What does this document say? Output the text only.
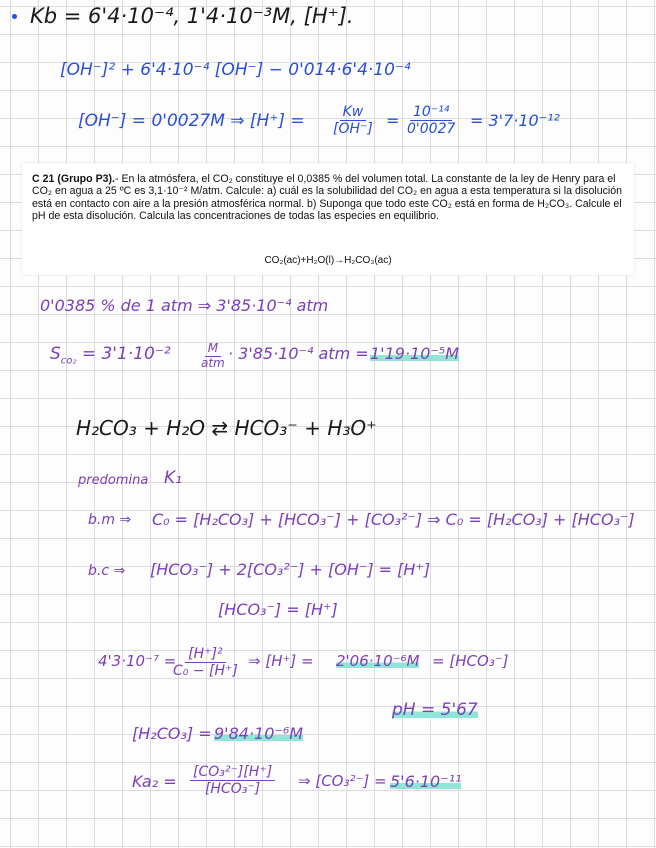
Kb = 6'4·10⁻⁴, 1'4·10⁻³M, [H⁺].
[OH⁻]² + 6'4·10⁻⁴ [OH⁻] − 0'014·6'4·10⁻⁴
[OH⁻] = 0'0027M ⇒ $[H^+] = \frac{Kw}{[OH^-]} = \frac{\text{10⁻¹⁴}}{0'0027} = 3'7\cdot 10^{-12}$
C 21 (Grupo P3).- En la atmósfera, el CO₂ constituye el 0,0385 % del volumen total. La constante de la ley de Henry para el CO₂ en agua a 25 ºC es 3,1·10⁻² M/atm. Calcule: a) cuál es la solubilidad del CO₂ en agua a esta temperatura si la disolución está en contacto con aire a la presión atmosférica normal. b) Suponga que todo este CO₂ está en forma de H₂CO₃. Calcule el pH de esta disolución. Calcula las concentraciones de todas las especies en equilibrio.
CO₂(ac)+H₂O(l)→H₂CO₃(ac)
0'0385 % de 1 atm ⇒ 3'85·10⁻⁴ atm
$S_{co_2} = 3'1\cdot 10^{-2}$	M
atm · 3'85·10⁻⁴ atm = 1'19·10⁻⁵M
H₂CO₃ + H₂O ⇄ HCO₃⁻ + H₃O⁺
predomina K₁
b.m ⇒ C₀ = [H₂CO₃] + [HCO₃⁻] + [CO₃²⁻] ⇒ C₀ = [H₂CO₃] + [HCO₃⁻]
b.c ⇒ [HCO₃⁻] + 2[CO₃²⁻] + [OH⁻] = [H⁺]
[HCO₃⁻] = [H⁺]
4'3·10⁻⁷ =
$\frac{\text{[H⁺]²}}{\text{C₀ − [H⁺]}}$ ⇒ [H⁺] = 2'06·10⁻⁶M = [HCO₃⁻]
pH = 5'67
[H₂CO₃] = 9'84·10⁻⁶M
Ka₂ = [CO₃²⁻][H⁺]
[HCO₃⁻]	⇒ [CO₃²⁻] = 5'6·10⁻¹¹
